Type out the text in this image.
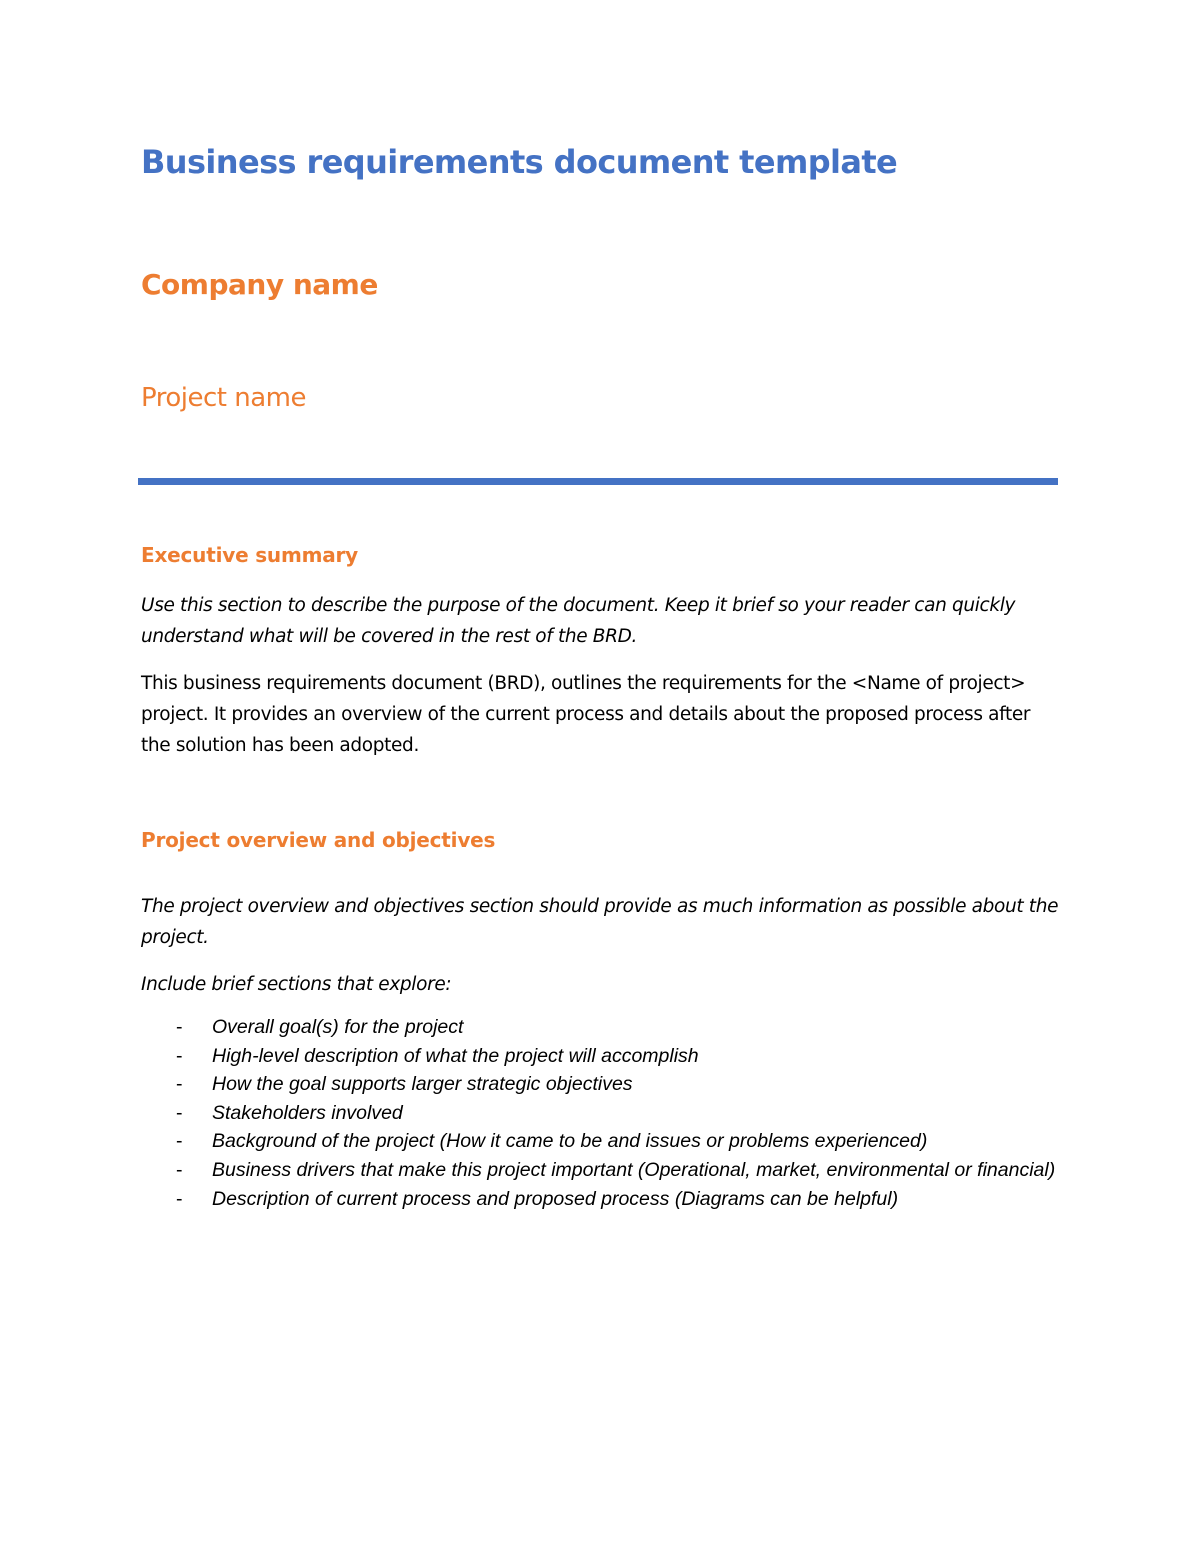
Business requirements document template
Company name
Project name
Executive summary

Use this section to describe the purpose of the document. Keep it brief so your reader can quickly understand what will be covered in the rest of the BRD.

This business requirements document (BRD), outlines the requirements for the <Name of project> project. It provides an overview of the current process and details about the proposed process after the solution has been adopted.

Project overview and objectives

The project overview and objectives section should provide as much information as possible about the project.

Include brief sections that explore:

- Overall goal(s) for the project
- High-level description of what the project will accomplish
- How the goal supports larger strategic objectives
- Stakeholders involved
- Background of the project (How it came to be and issues or problems experienced)
- Business drivers that make this project important (Operational, market, environmental or financial)
- Description of current process and proposed process (Diagrams can be helpful)
